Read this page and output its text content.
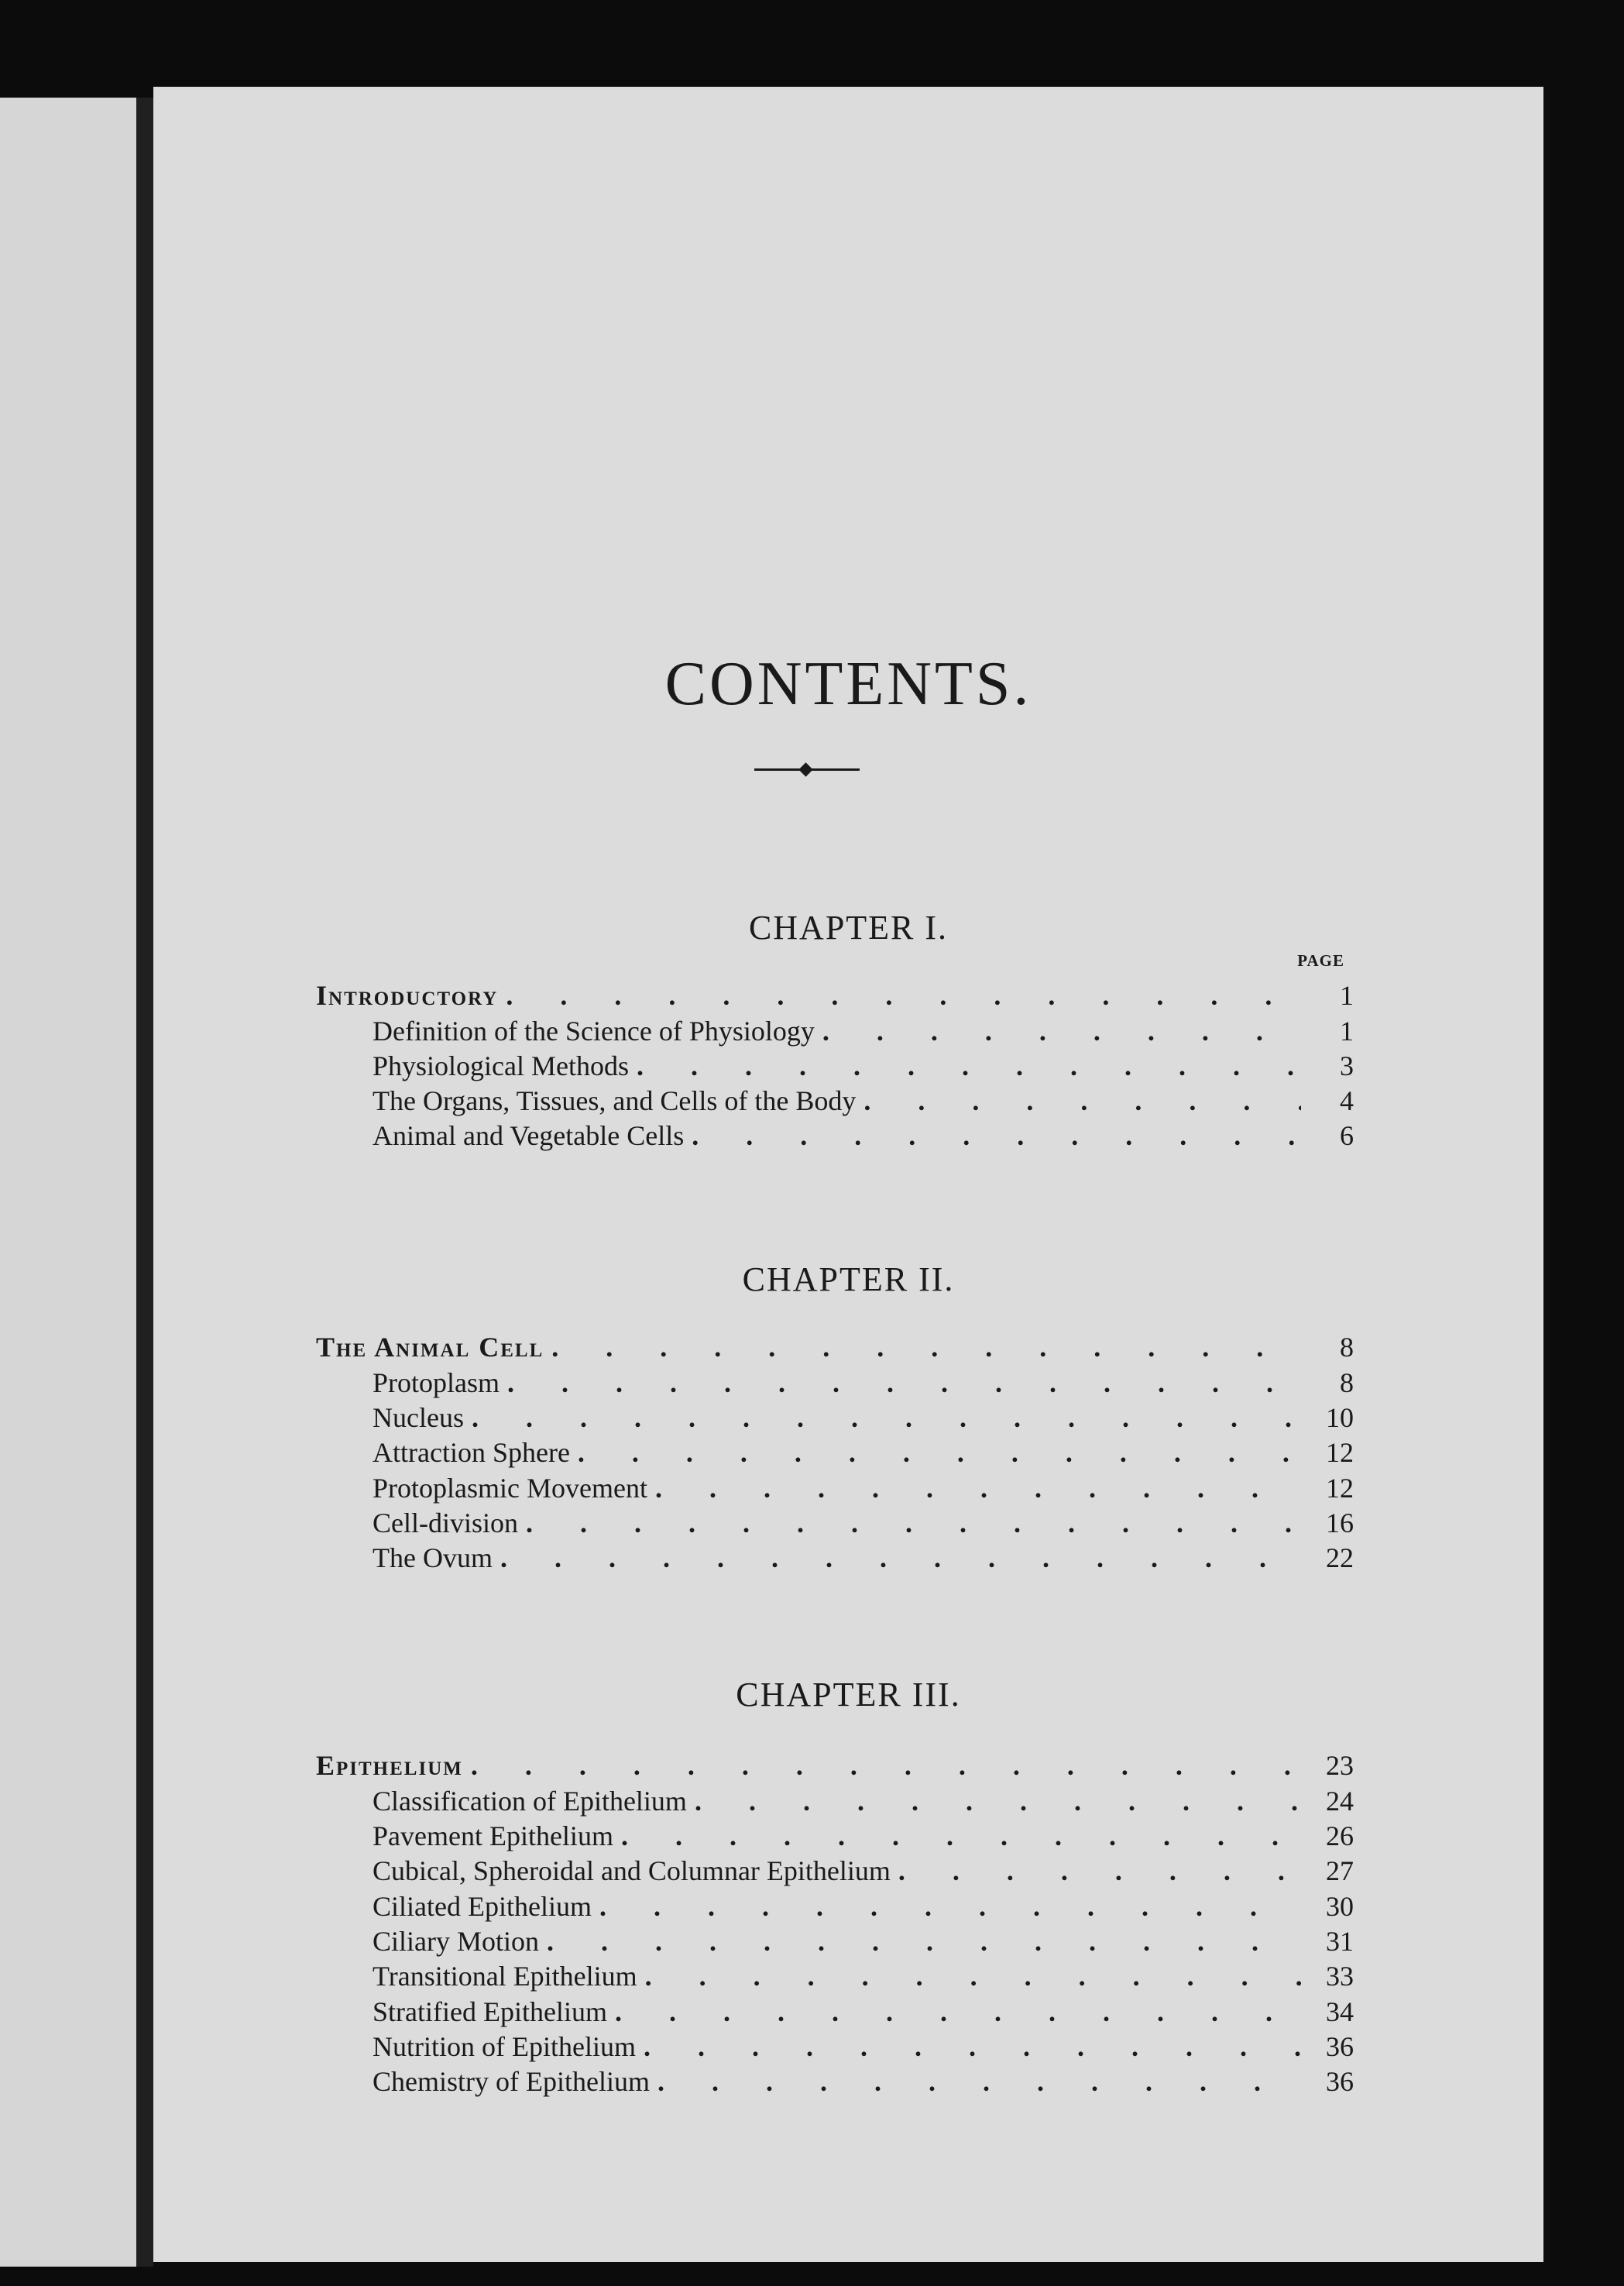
CONTENTS.
CHAPTER I.
PAGE
Introductory . . .	1
Definition of the Science of Physiology . . .	1
Physiological Methods . . .	3
The Organs, Tissues, and Cells of the Body . . .	4
Animal and Vegetable Cells . . .	6
CHAPTER II.
The Animal Cell . . .	8
Protoplasm . . .	8
Nucleus . . .	10
Attraction Sphere . . .	12
Protoplasmic Movement . . .	12
Cell-division . . .	16
The Ovum . . .	22
CHAPTER III.
Epithelium . . .	23
Classification of Epithelium . . .	24
Pavement Epithelium . . .	26
Cubical, Spheroidal and Columnar Epithelium . . .	27
Ciliated Epithelium . . .	30
Ciliary Motion . . .	31
Transitional Epithelium . . .	33
Stratified Epithelium . . .	34
Nutrition of Epithelium . . .	36
Chemistry of Epithelium . . .	36
